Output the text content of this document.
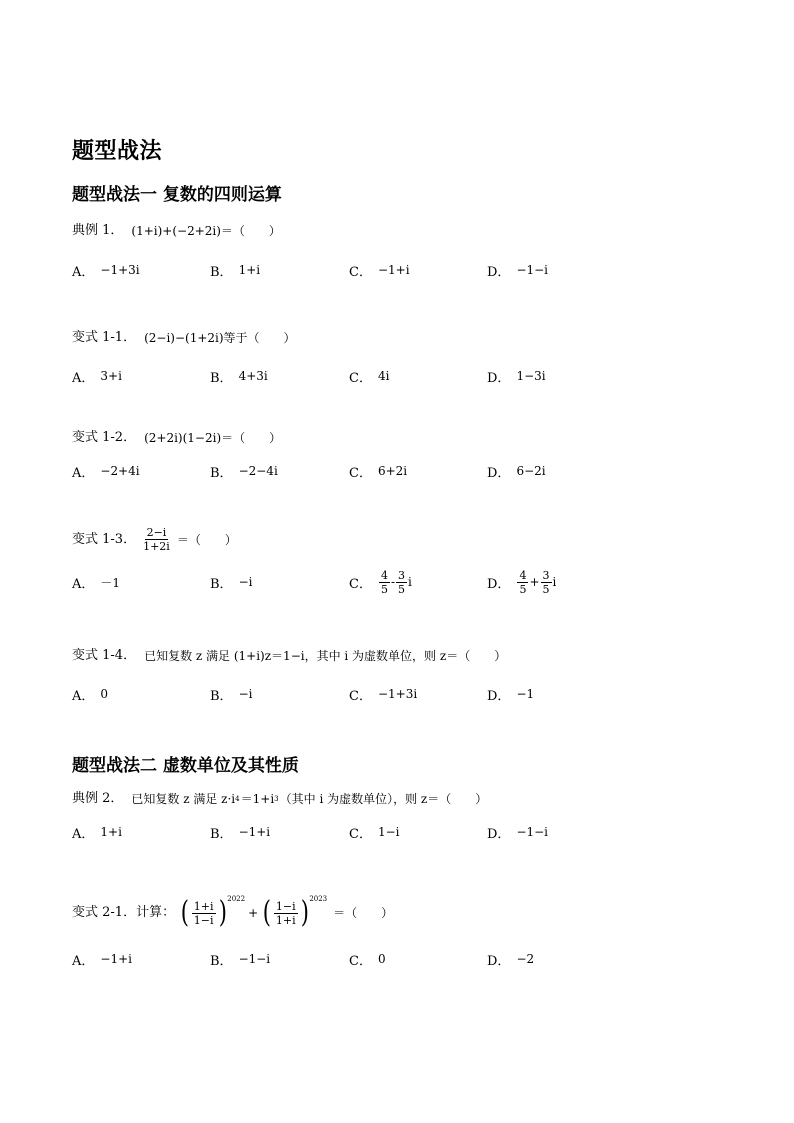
题型战法
题型战法一 复数的四则运算
典例 1． (1+i)+(−2+2i)＝（　　）
A． −1+3i	B． 1+i	C． −1+i	D． −1−i
变式 1-1． (2−i)−(1+2i)等于（　　）
A． 3+i	B． 4+3i	C． 4i	D． 1−3i
变式 1-2． (2+2i)(1−2i)＝（　　）
A． −2+4i	B． −2−4i	C． 6+2i	D． 6−2i
变式 1-3． $\frac{2-i}{1+2i}$ ＝（　　）
A． －1	B． −i	C． $\frac{4}{5} - \frac{3}{5}$ i	D． $\frac{4}{5} + \frac{3}{5}$ i
变式 1-4． 已知复数 z 满足 (1+i)z＝1−i，其中 i 为虚数单位，则 z＝（　　）
A． 0	B． −i	C． −1+3i	D． −1
题型战法二 虚数单位及其性质
典例 2． 已知复数 z 满足 z·i 4 ＝1+i 3 （其中 i 为虚数单位），则 z＝（　　）
A． 1+i	B． −1+i	C． 1−i	D． −1−i
变式 2-1．计算： ( $\frac{1+i}{1-i}$ ) 2022
+ ( $\frac{1-i}{1+i}$ ) 2023
＝（　　）
A． −1+i	B． −1−i	C． 0	D． −2
